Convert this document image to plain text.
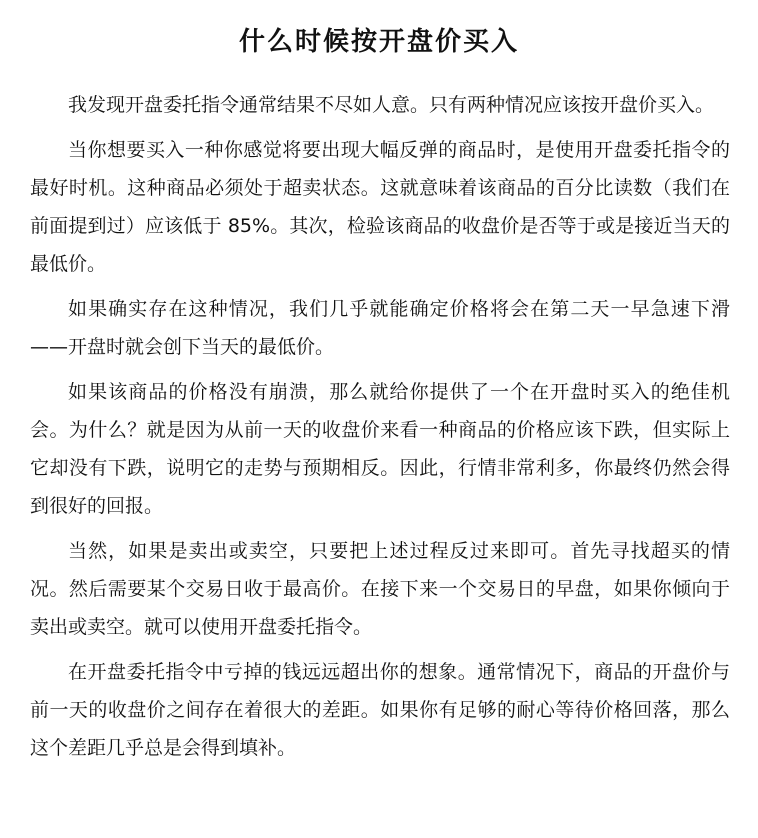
什么时候按开盘价买入

我发现开盘委托指令通常结果不尽如人意。只有两种情况应该按开盘价买入。

当你想要买入一种你感觉将要出现大幅反弹的商品时，是使用开盘委托指令的最好时机。这种商品必须处于超卖状态。这就意味着该商品的百分比读数（我们在前面提到过）应该低于 85%。其次，检验该商品的收盘价是否等于或是接近当天的最低价。

如果确实存在这种情况，我们几乎就能确定价格将会在第二天一早急速下滑——开盘时就会创下当天的最低价。

如果该商品的价格没有崩溃，那么就给你提供了一个在开盘时买入的绝佳机会。为什么？就是因为从前一天的收盘价来看一种商品的价格应该下跌，但实际上它却没有下跌，说明它的走势与预期相反。因此，行情非常利多，你最终仍然会得到很好的回报。

当然，如果是卖出或卖空，只要把上述过程反过来即可。首先寻找超买的情况。然后需要某个交易日收于最高价。在接下来一个交易日的早盘，如果你倾向于卖出或卖空。就可以使用开盘委托指令。

在开盘委托指令中亏掉的钱远远超出你的想象。通常情况下，商品的开盘价与前一天的收盘价之间存在着很大的差距。如果你有足够的耐心等待价格回落，那么这个差距几乎总是会得到填补。
